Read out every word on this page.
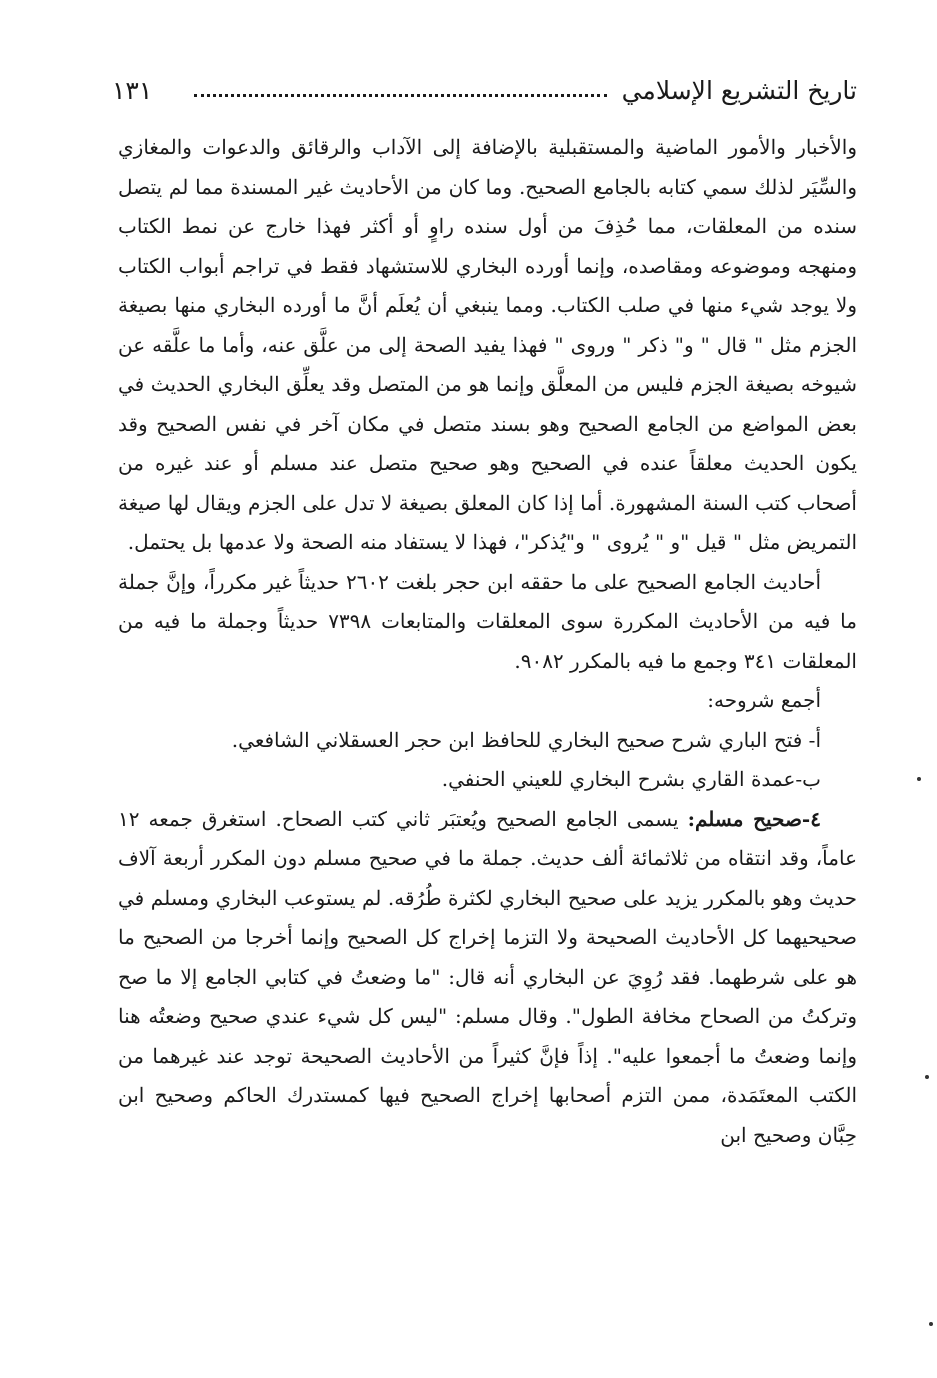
تاريخ التشريع الإسلامي
١٣١

والأخبار والأمور الماضية والمستقبلية بالإضافة إلى الآداب والرقائق والدعوات والمغازي والسِّيَر لذلك سمي كتابه بالجامع الصحيح. وما كان من الأحاديث غير المسندة مما لم يتصل سنده من المعلقات، مما حُذِفَ من أول سنده راوٍ أو أكثر فهذا خارج عن نمط الكتاب ومنهجه وموضوعه ومقاصده، وإنما أورده البخاري للاستشهاد فقط في تراجم أبواب الكتاب ولا يوجد شيء منها في صلب الكتاب. ومما ينبغي أن يُعلَم أنَّ ما أورده البخاري منها بصيغة الجزم مثل " قال " و" ذكر " وروى " فهذا يفيد الصحة إلى من علَّق عنه، وأما ما علَّقه عن شيوخه بصيغة الجزم فليس من المعلَّق وإنما هو من المتصل وقد يعلِّق البخاري الحديث في بعض المواضع من الجامع الصحيح وهو بسند متصل في مكان آخر في نفس الصحيح وقد يكون الحديث معلقاً عنده في الصحيح وهو صحيح متصل عند مسلم أو عند غيره من أصحاب كتب السنة المشهورة. أما إذا كان المعلق بصيغة لا تدل على الجزم ويقال لها صيغة التمريض مثل " قيل "و " يُروى " و"يُذكر"، فهذا لا يستفاد منه الصحة ولا عدمها بل يحتمل.

أحاديث الجامع الصحيح على ما حققه ابن حجر بلغت ٢٦٠٢ حديثاً غير مكرراً، وإنَّ جملة ما فيه من الأحاديث المكررة سوى المعلقات والمتابعات ٧٣٩٨ حديثاً وجملة ما فيه من المعلقات ٣٤١ وجمع ما فيه بالمكرر ٩٠٨٢.

أجمع شروحه:

أ- فتح الباري شرح صحيح البخاري للحافظ ابن حجر العسقلاني الشافعي.

ب-عمدة القاري بشرح البخاري للعيني الحنفي.

٤-صحيح مسلم: يسمى الجامع الصحيح ويُعتبَر ثاني كتب الصحاح. استغرق جمعه ١٢ عاماً، وقد انتقاه من ثلاثمائة ألف حديث. جملة ما في صحيح مسلم دون المكرر أربعة آلاف حديث وهو بالمكرر يزيد على صحيح البخاري لكثرة طُرُقه. لم يستوعب البخاري ومسلم في صحيحيهما كل الأحاديث الصحيحة ولا التزما إخراج كل الصحيح وإنما أخرجا من الصحيح ما هو على شرطهما. فقد رُوِيَ عن البخاري أنه قال: "ما وضعتُ في كتابي الجامع إلا ما صح وتركتُ من الصحاح مخافة الطول". وقال مسلم: "ليس كل شيء عندي صحيح وضعتُه هنا وإنما وضعتُ ما أجمعوا عليه". إذاً فإنَّ كثيراً من الأحاديث الصحيحة توجد عند غيرهما من الكتب المعتَمَدة، ممن التزم أصحابها إخراج الصحيح فيها كمستدرك الحاكم وصحيح ابن حِبَّان وصحيح ابن
